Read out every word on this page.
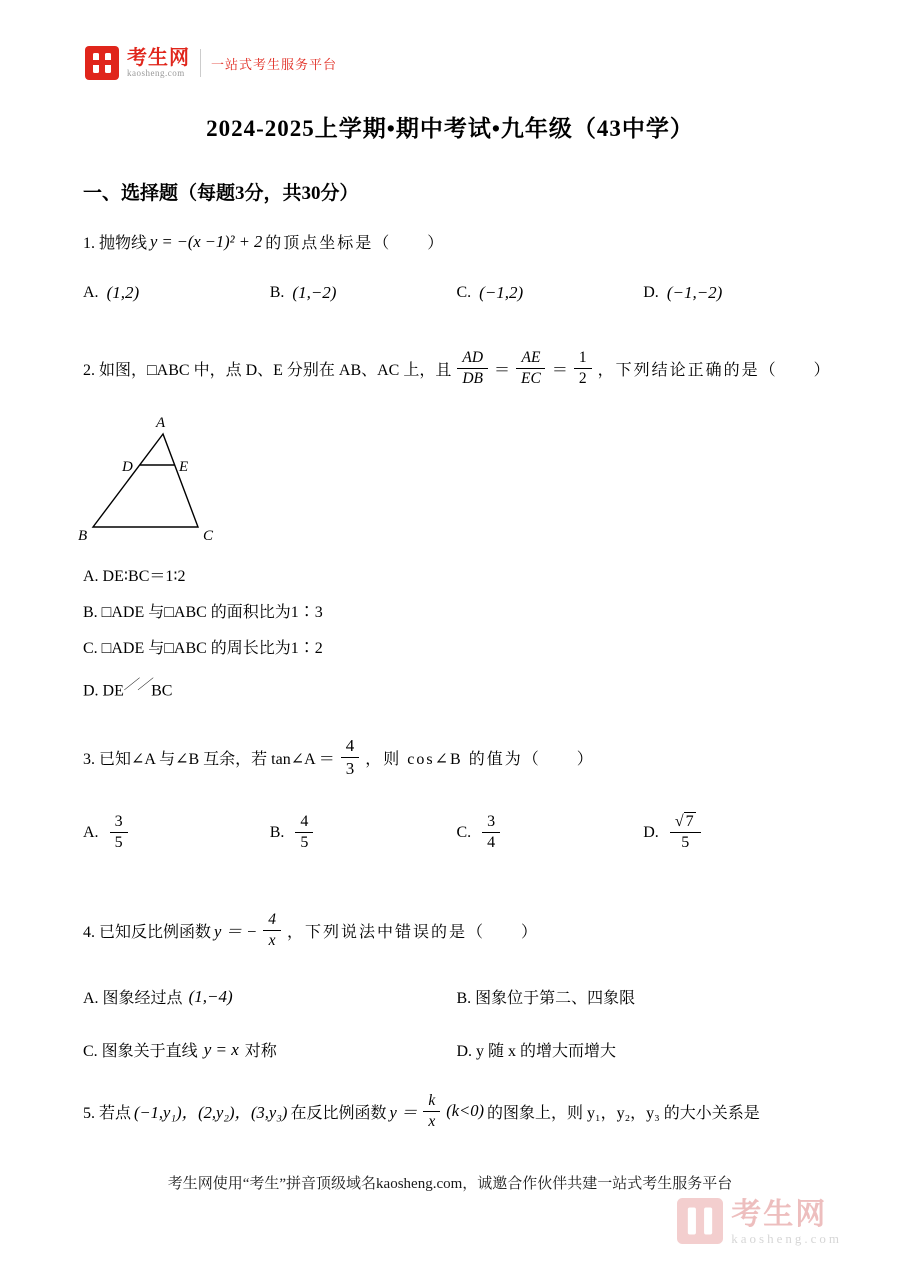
考生网
kaosheng.com
一站式考生服务平台
2024-2025上学期•期中考试•九年级（43中学）
一、选择题（每题3分，共30分）
1. 抛物线 y = −(x −1)² + 2 的顶点坐标是（　　）
A. (1,2)	B. (1,−2)	C. (−1,2)	D. (−1,−2)
2. 如图，□ABC 中，点 D、E 分别在 AB、AC 上，且 $\frac{AD}{DB} = \frac{AE}{EC} = \frac{1}{2}$ ，下列结论正确的是（　　）
A
D	E
B	C
A. DE∶BC＝1∶2
B. □ADE 与□ABC 的面积比为1∶3
C. □ADE 与□ABC 的周长比为1∶2
D. DE／／BC
3. 已知∠A 与∠B 互余，若 tan∠A ＝ $\frac{4}{3}$ ，则 cos∠B 的值为（　　）
A. $\frac{3}{5}$	B. $\frac{4}{5}$	C. $\frac{3}{4}$	D. $\frac{√ 7}{5}$
4. 已知反比例函数 y ＝ − $\frac{4}{x}$ ，下列说法中错误的是（　　）
A. 图象经过点 (1,−4)	B. 图象位于第二、四象限
C. 图象关于直线 y = x 对称	D. y 随 x 的增大而增大
5. 若点 (−1,y₁)，(2,y₂)，(3,y₃) 在反比例函数 $y = \frac{k}{x} (k<0)$ 的图象上，则 y₁，y₂，y₃ 的大小关系是
考生网使用“考生”拼音顶级域名kaosheng.com，诚邀合作伙伴共建一站式考生服务平台
考生网
kaosheng.com
